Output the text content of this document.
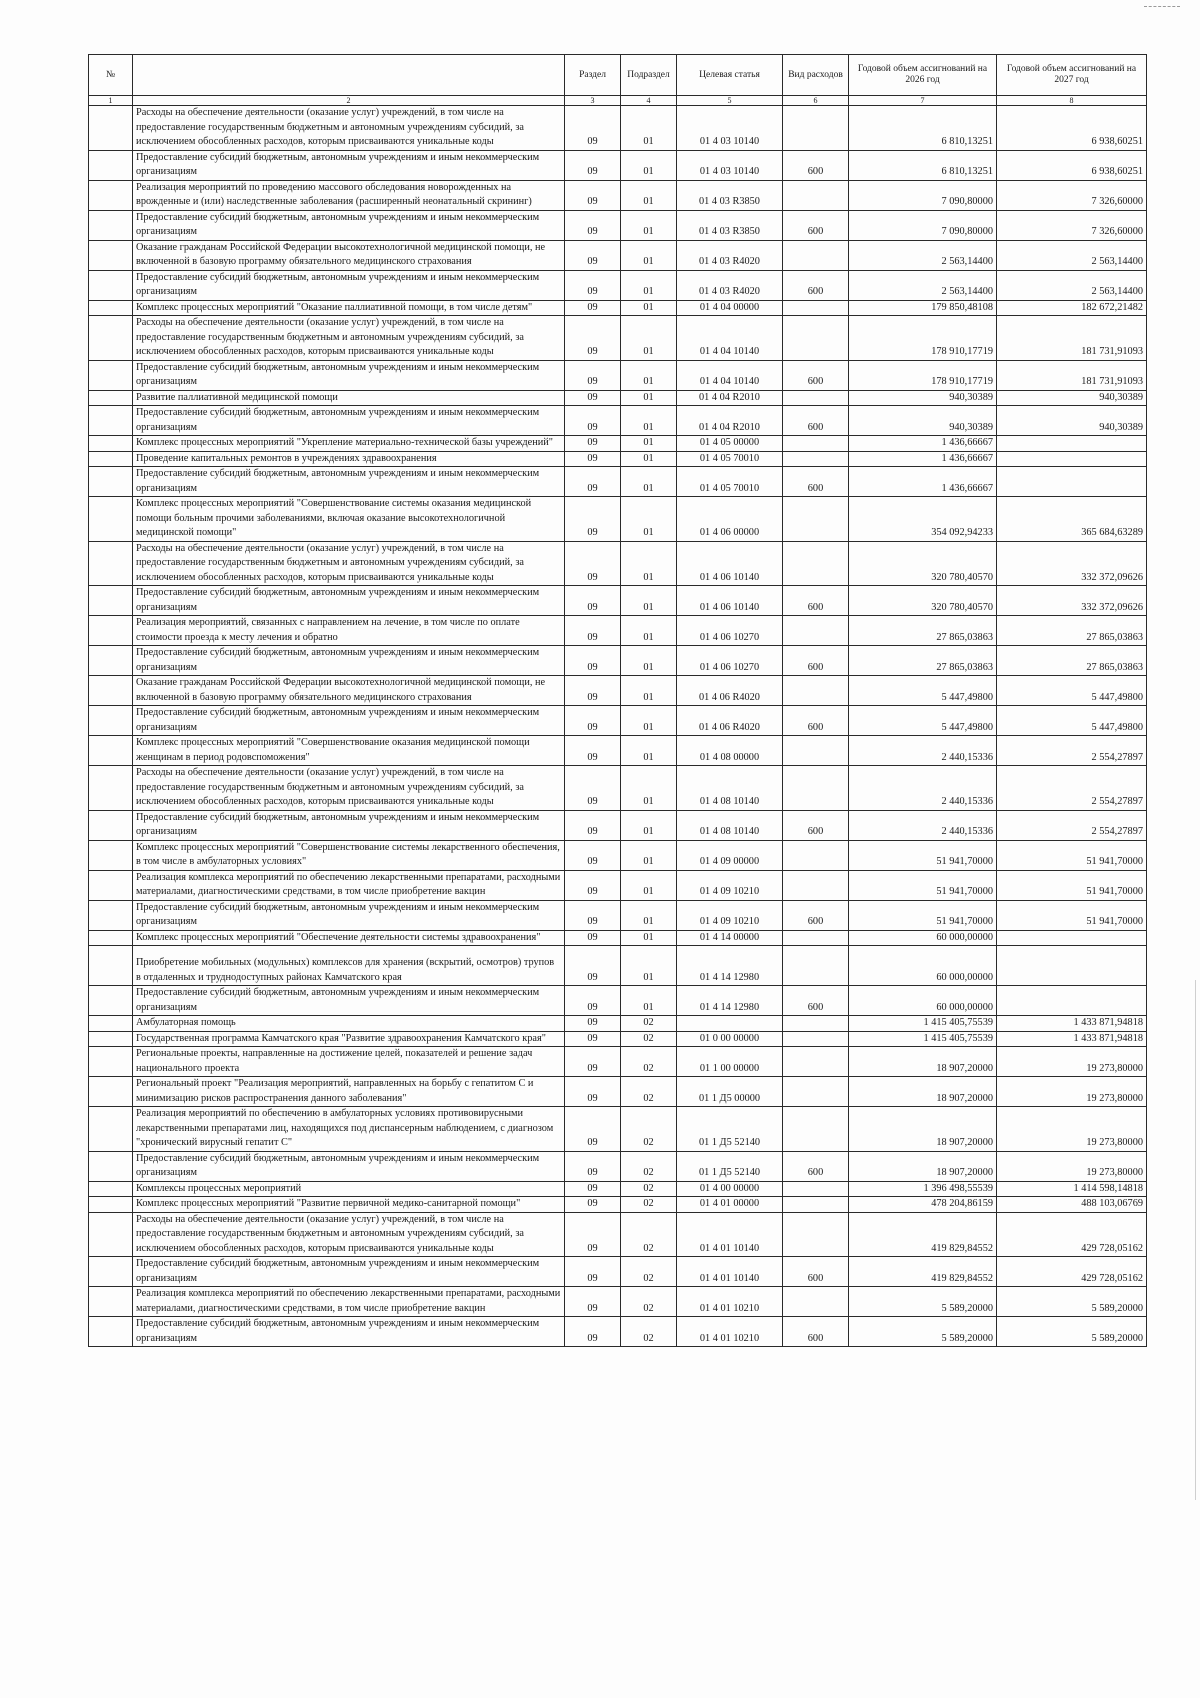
№		Раздел	Подраздел	Целевая статья	Вид расходов	Годовой объем ассигнований на 2026 год	Годовой объем ассигнований на 2027 год
1	2	3	4	5	6	7	8
	Расходы на обеспечение деятельности (оказание услуг) учреждений, в том числе на предоставление государственным бюджетным и автономным учреждениям субсидий, за исключением обособленных расходов, которым присваиваются уникальные коды	09	01	01 4 03 10140		6 810,13251	6 938,60251
	Предоставление субсидий бюджетным, автономным учреждениям и иным некоммерческим организациям	09	01	01 4 03 10140	600	6 810,13251	6 938,60251
	Реализация мероприятий по проведению массового обследования новорожденных на врожденные и (или) наследственные заболевания (расширенный неонатальный скрининг)	09	01	01 4 03 R3850		7 090,80000	7 326,60000
	Предоставление субсидий бюджетным, автономным учреждениям и иным некоммерческим организациям	09	01	01 4 03 R3850	600	7 090,80000	7 326,60000
	Оказание гражданам Российской Федерации высокотехнологичной медицинской помощи, не включенной в базовую программу обязательного медицинского страхования	09	01	01 4 03 R4020		2 563,14400	2 563,14400
	Предоставление субсидий бюджетным, автономным учреждениям и иным некоммерческим организациям	09	01	01 4 03 R4020	600	2 563,14400	2 563,14400
	Комплекс процессных мероприятий "Оказание паллиативной помощи, в том числе детям"	09	01	01 4 04 00000		179 850,48108	182 672,21482
	Расходы на обеспечение деятельности (оказание услуг) учреждений, в том числе на предоставление государственным бюджетным и автономным учреждениям субсидий, за исключением обособленных расходов, которым присваиваются уникальные коды	09	01	01 4 04 10140		178 910,17719	181 731,91093
	Предоставление субсидий бюджетным, автономным учреждениям и иным некоммерческим организациям	09	01	01 4 04 10140	600	178 910,17719	181 731,91093
	Развитие паллиативной медицинской помощи	09	01	01 4 04 R2010		940,30389	940,30389
	Предоставление субсидий бюджетным, автономным учреждениям и иным некоммерческим организациям	09	01	01 4 04 R2010	600	940,30389	940,30389
	Комплекс процессных мероприятий "Укрепление материально-технической базы учреждений"	09	01	01 4 05 00000		1 436,66667	
	Проведение капитальных ремонтов в учреждениях здравоохранения	09	01	01 4 05 70010		1 436,66667	
	Предоставление субсидий бюджетным, автономным учреждениям и иным некоммерческим организациям	09	01	01 4 05 70010	600	1 436,66667	
	Комплекс процессных мероприятий "Совершенствование системы оказания медицинской помощи больным прочими заболеваниями, включая оказание высокотехнологичной медицинской помощи"	09	01	01 4 06 00000		354 092,94233	365 684,63289
	Расходы на обеспечение деятельности (оказание услуг) учреждений, в том числе на предоставление государственным бюджетным и автономным учреждениям субсидий, за исключением обособленных расходов, которым присваиваются уникальные коды	09	01	01 4 06 10140		320 780,40570	332 372,09626
	Предоставление субсидий бюджетным, автономным учреждениям и иным некоммерческим организациям	09	01	01 4 06 10140	600	320 780,40570	332 372,09626
	Реализация мероприятий, связанных с направлением на лечение, в том числе по оплате стоимости проезда к месту лечения и обратно	09	01	01 4 06 10270		27 865,03863	27 865,03863
	Предоставление субсидий бюджетным, автономным учреждениям и иным некоммерческим организациям	09	01	01 4 06 10270	600	27 865,03863	27 865,03863
	Оказание гражданам Российской Федерации высокотехнологичной медицинской помощи, не включенной в базовую программу обязательного медицинского страхования	09	01	01 4 06 R4020		5 447,49800	5 447,49800
	Предоставление субсидий бюджетным, автономным учреждениям и иным некоммерческим организациям	09	01	01 4 06 R4020	600	5 447,49800	5 447,49800
	Комплекс процессных мероприятий "Совершенствование оказания медицинской помощи женщинам в период родовспоможения"	09	01	01 4 08 00000		2 440,15336	2 554,27897
	Расходы на обеспечение деятельности (оказание услуг) учреждений, в том числе на предоставление государственным бюджетным и автономным учреждениям субсидий, за исключением обособленных расходов, которым присваиваются уникальные коды	09	01	01 4 08 10140		2 440,15336	2 554,27897
	Предоставление субсидий бюджетным, автономным учреждениям и иным некоммерческим организациям	09	01	01 4 08 10140	600	2 440,15336	2 554,27897
	Комплекс процессных мероприятий "Совершенствование системы лекарственного обеспечения, в том числе в амбулаторных условиях"	09	01	01 4 09 00000		51 941,70000	51 941,70000
	Реализация комплекса мероприятий по обеспечению лекарственными препаратами, расходными материалами, диагностическими средствами, в том числе приобретение вакцин	09	01	01 4 09 10210		51 941,70000	51 941,70000
	Предоставление субсидий бюджетным, автономным учреждениям и иным некоммерческим организациям	09	01	01 4 09 10210	600	51 941,70000	51 941,70000
	Комплекс процессных мероприятий "Обеспечение деятельности системы здравоохранения"	09	01	01 4 14 00000		60 000,00000	
	Приобретение мобильных (модульных) комплексов для хранения (вскрытий, осмотров) трупов в отдаленных и труднодоступных районах Камчатского края	09	01	01 4 14 12980		60 000,00000	
	Предоставление субсидий бюджетным, автономным учреждениям и иным некоммерческим организациям	09	01	01 4 14 12980	600	60 000,00000	
	Амбулаторная помощь	09	02			1 415 405,75539	1 433 871,94818
	Государственная программа Камчатского края "Развитие здравоохранения Камчатского края"	09	02	01 0 00 00000		1 415 405,75539	1 433 871,94818
	Региональные проекты, направленные на достижение целей, показателей и решение задач национального проекта	09	02	01 1 00 00000		18 907,20000	19 273,80000
	Региональный проект "Реализация мероприятий, направленных на борьбу с гепатитом С и минимизацию рисков распространения данного заболевания"	09	02	01 1 Д5 00000		18 907,20000	19 273,80000
	Реализация мероприятий по обеспечению в амбулаторных условиях противовирусными лекарственными препаратами лиц, находящихся под диспансерным наблюдением, с диагнозом "хронический вирусный гепатит С"	09	02	01 1 Д5 52140		18 907,20000	19 273,80000
	Предоставление субсидий бюджетным, автономным учреждениям и иным некоммерческим организациям	09	02	01 1 Д5 52140	600	18 907,20000	19 273,80000
	Комплексы процессных мероприятий	09	02	01 4 00 00000		1 396 498,55539	1 414 598,14818
	Комплекс процессных мероприятий "Развитие первичной медико-санитарной помощи"	09	02	01 4 01 00000		478 204,86159	488 103,06769
	Расходы на обеспечение деятельности (оказание услуг) учреждений, в том числе на предоставление государственным бюджетным и автономным учреждениям субсидий, за исключением обособленных расходов, которым присваиваются уникальные коды	09	02	01 4 01 10140		419 829,84552	429 728,05162
	Предоставление субсидий бюджетным, автономным учреждениям и иным некоммерческим организациям	09	02	01 4 01 10140	600	419 829,84552	429 728,05162
	Реализация комплекса мероприятий по обеспечению лекарственными препаратами, расходными материалами, диагностическими средствами, в том числе приобретение вакцин	09	02	01 4 01 10210		5 589,20000	5 589,20000
	Предоставление субсидий бюджетным, автономным учреждениям и иным некоммерческим организациям	09	02	01 4 01 10210	600	5 589,20000	5 589,20000
